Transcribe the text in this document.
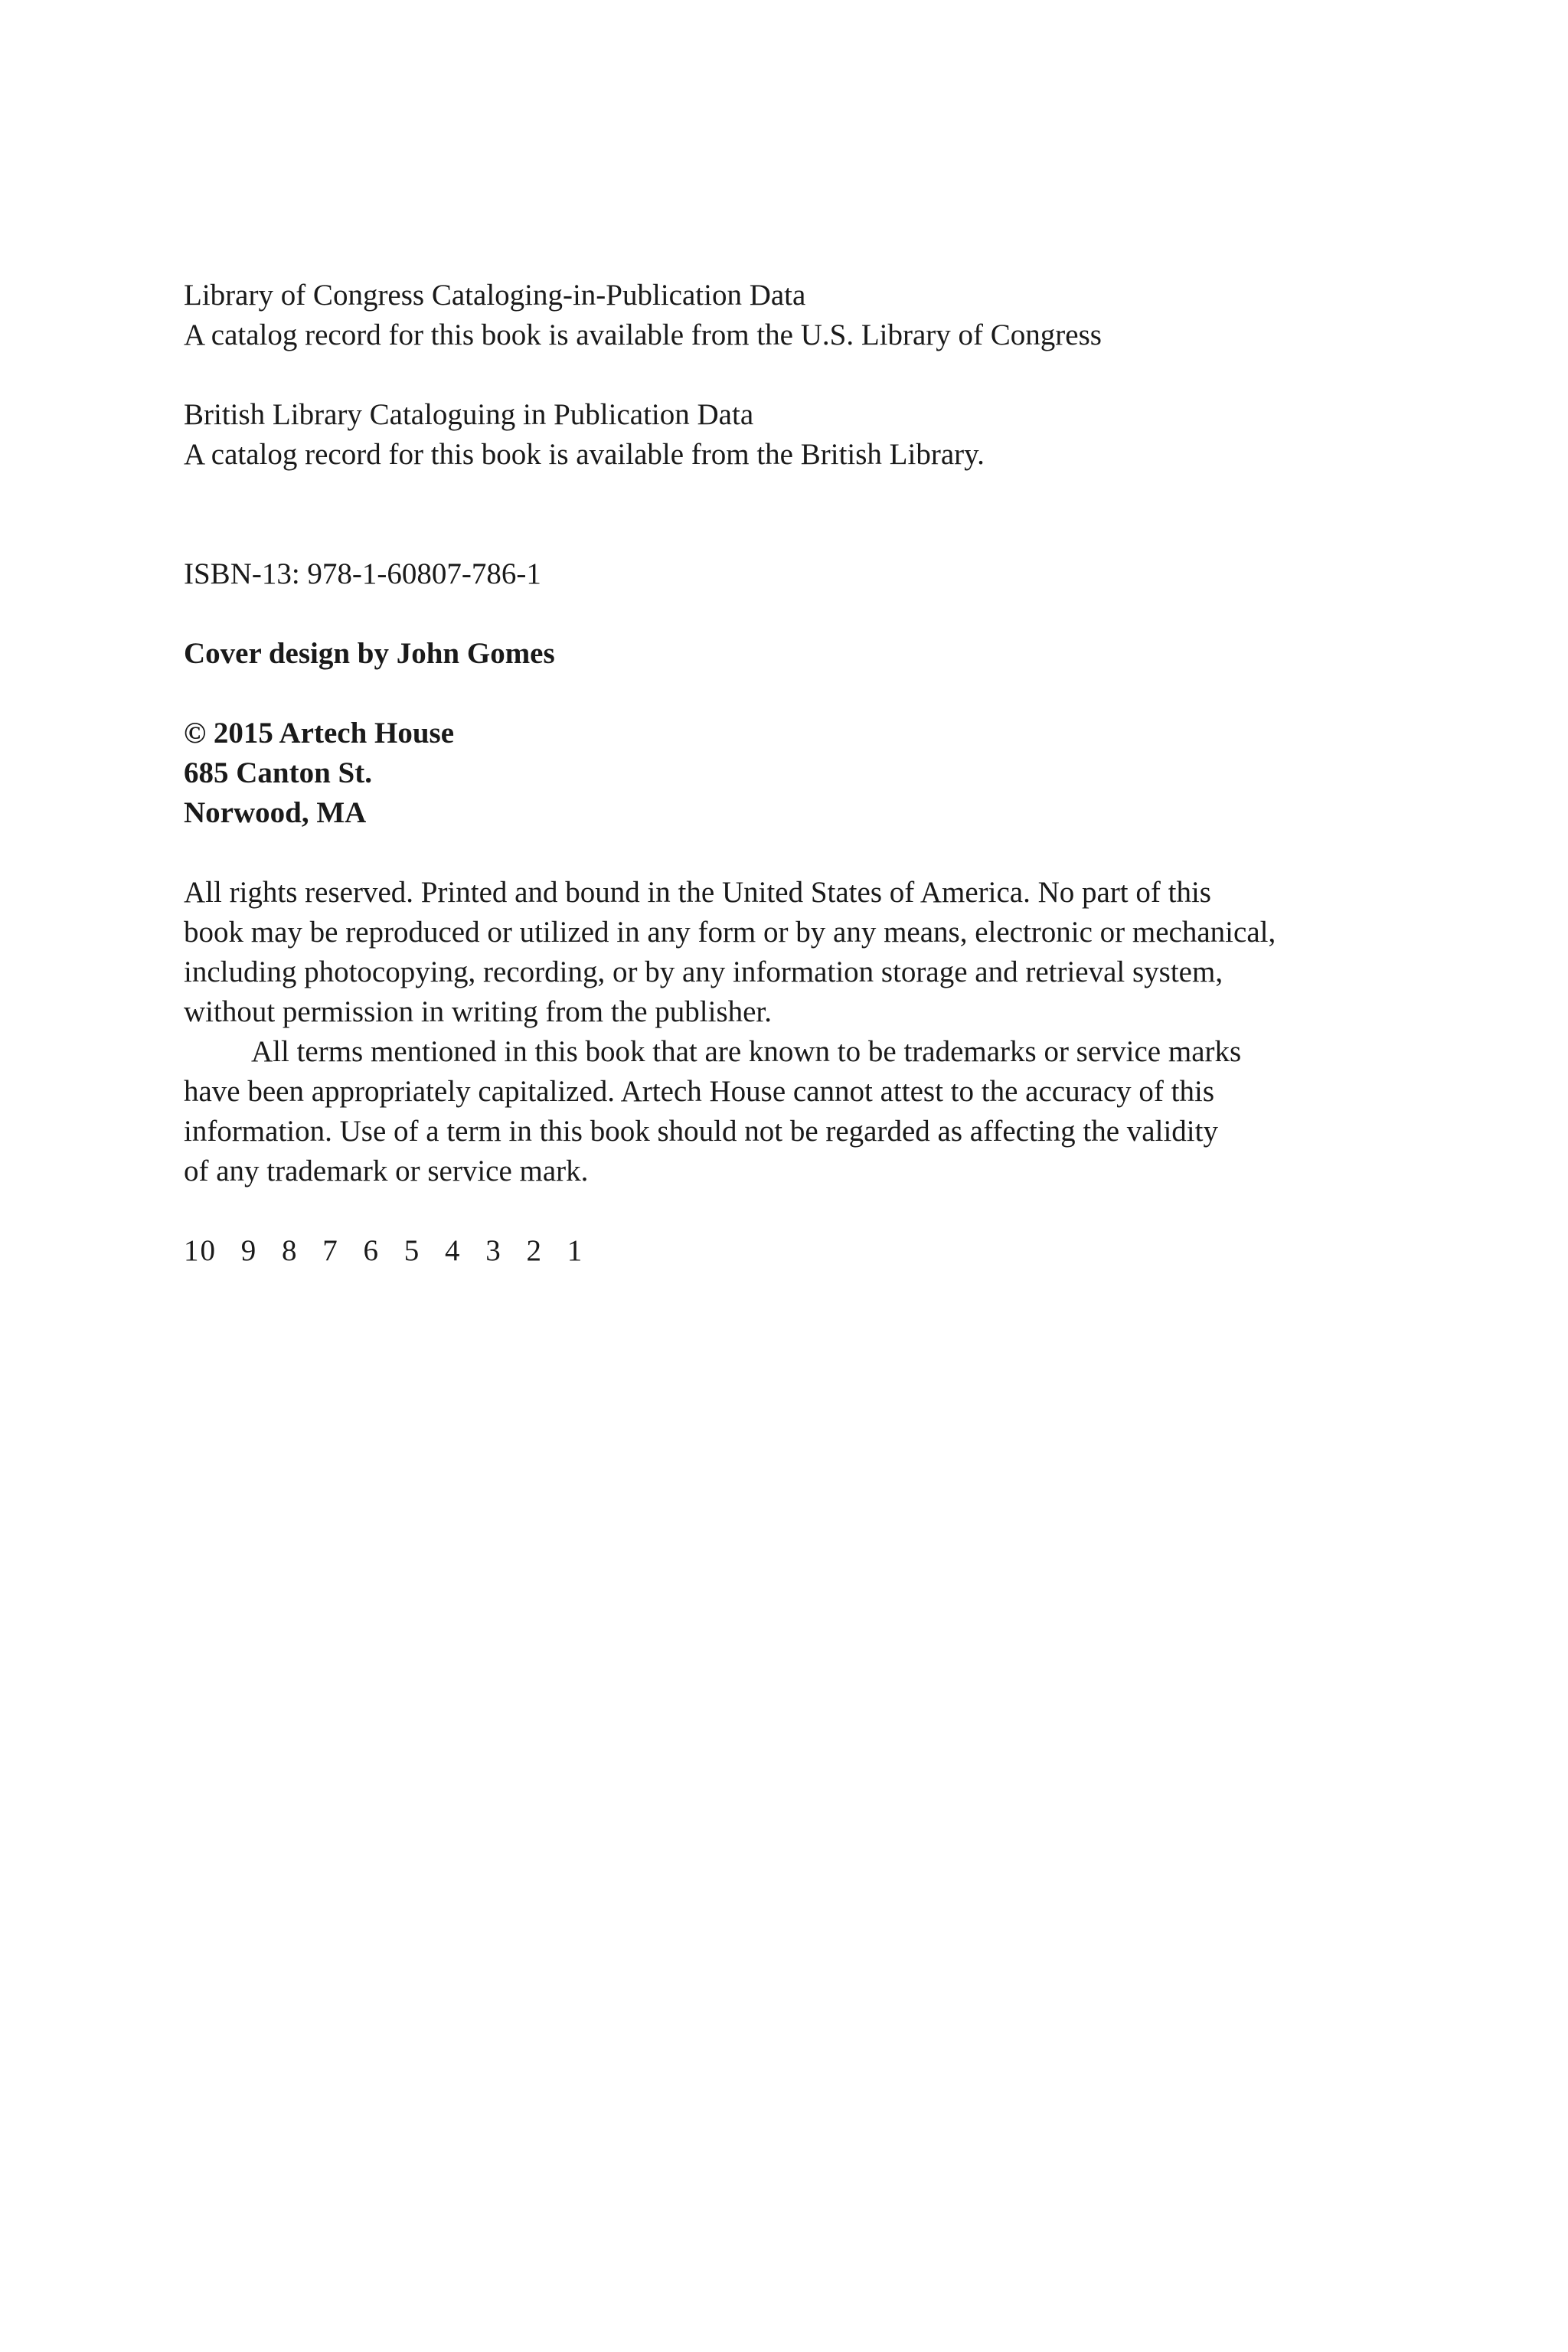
Library of Congress Cataloging-in-Publication Data
A catalog record for this book is available from the U.S. Library of Congress
British Library Cataloguing in Publication Data
A catalog record for this book is available from the British Library.
ISBN-13: 978-1-60807-786-1
Cover design by John Gomes
© 2015 Artech House
685 Canton St.
Norwood, MA
All rights reserved. Printed and bound in the United States of America. No part of this
book may be reproduced or utilized in any form or by any means, electronic or mechanical,
including photocopying, recording, or by any information storage and retrieval system,
without permission in writing from the publisher.
All terms mentioned in this book that are known to be trademarks or service marks
have been appropriately capitalized. Artech House cannot attest to the accuracy of this
information. Use of a term in this book should not be regarded as affecting the validity
of any trademark or service mark.
10 9 8 7 6 5 4 3 2 1
